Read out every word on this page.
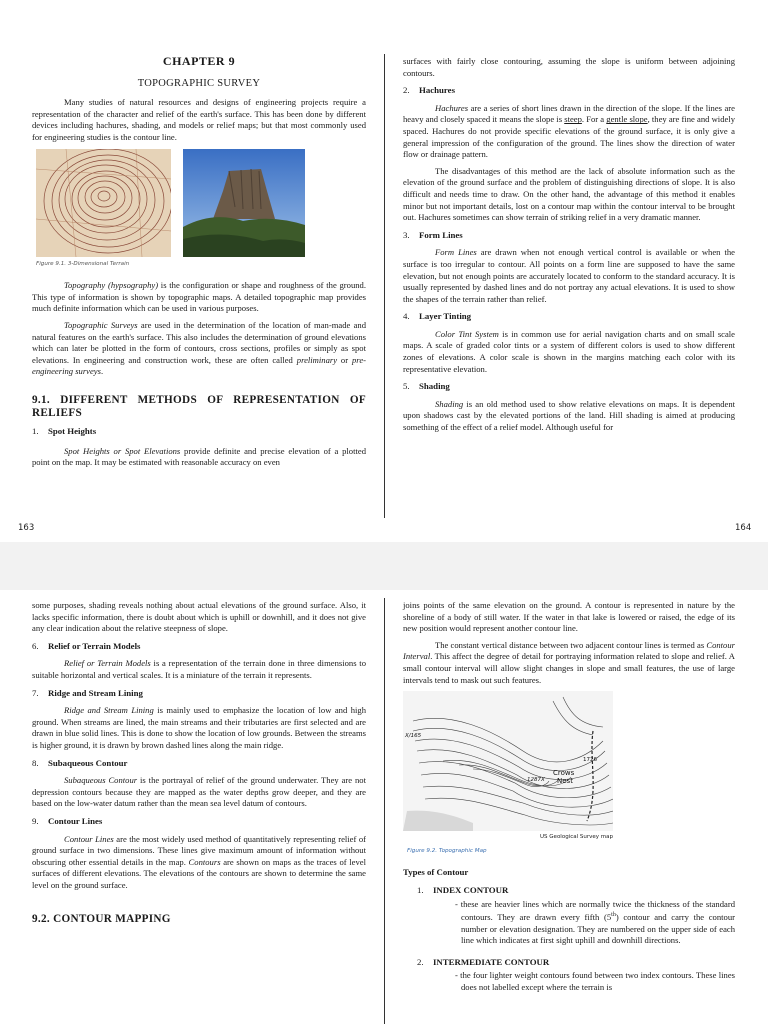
CHAPTER 9
TOPOGRAPHIC SURVEY

Many studies of natural resources and designs of engineering projects require a representation of the character and relief of the earth's surface. This has been done by different devices including hachures, shading, and models or relief maps; but that most commonly used for engineering studies is the contour line.

Figure 9.1. 3-Dimensional Terrain

Topography (hypsography) is the configuration or shape and roughness of the ground. This type of information is shown by topographic maps. A detailed topographic map provides much definite information which can be used in various purposes.

Topographic Surveys are used in the determination of the location of man-made and natural features on the earth's surface. This also includes the determination of ground elevations which can later be plotted in the form of contours, cross sections, profiles or simply as spot elevations. In engineering and construction work, these are often called preliminary or pre-engineering surveys.

9.1. DIFFERENT METHODS OF REPRESENTATION OF RELIEFS
1. Spot Heights

Spot Heights or Spot Elevations provide definite and precise elevation of a plotted point on the map. It may be estimated with reasonable accuracy on even

surfaces with fairly close contouring, assuming the slope is uniform between adjoining contours.

2. Hachures

Hachures are a series of short lines drawn in the direction of the slope. If the lines are heavy and closely spaced it means the slope is steep. For a gentle slope, they are fine and widely spaced. Hachures do not provide specific elevations of the ground surface, it is only give a general impression of the configuration of the ground. The lines show the direction of water flow or drainage pattern.

The disadvantages of this method are the lack of absolute information such as the elevation of the ground surface and the problem of distinguishing directions of slope. It is also difficult and needs time to draw. On the other hand, the advantage of this method it enables minor but not important details, lost on a contour map within the contour interval to be brought out. Hachures sometimes can show terrain of striking relief in a very dramatic manner.

3. Form Lines

Form Lines are drawn when not enough vertical control is available or when the surface is too irregular to contour. All points on a form line are supposed to have the same elevation, but not enough points are accurately located to conform to the standard accuracy. It is usually represented by dashed lines and do not portray any actual elevations. It is used to show the shapes of the terrain rather than relief.

4. Layer Tinting

Color Tint System is in common use for aerial navigation charts and on small scale maps. A scale of graded color tints or a system of different colors is used to show different zones of elevations. A color scale is shown in the margins matching each color with its representative elevation.

5. Shading

Shading is an old method used to show relative elevations on maps. It is dependent upon shadows cast by the elevated portions of the land. Hill shading is aimed at producing something of the effect of a relief model. Although useful for

163	164

some purposes, shading reveals nothing about actual elevations of the ground surface. Also, it lacks specific information, there is doubt about which is uphill or downhill, and it does not give any clear indication about the relative steepness of slope.

6. Relief or Terrain Models

Relief or Terrain Models is a representation of the terrain done in three dimensions to suitable horizontal and vertical scales. It is a miniature of the terrain it represents.

7. Ridge and Stream Lining

Ridge and Stream Lining is mainly used to emphasize the location of low and high ground. When streams are lined, the main streams and their tributaries are first selected and are drawn in blue solid lines. This is done to show the location of low grounds. Between the streams is higher ground, it is drawn by brown dashed lines along the main ridge.

8. Subaqueous Contour

Subaqueous Contour is the portrayal of relief of the ground underwater. They are not depression contours because they are mapped as the water depths grow deeper, and they are based on the low-water datum rather than the mean sea level datum of contours.

9. Contour Lines

Contour Lines are the most widely used method of quantitatively representing relief of ground surface in two dimensions. These lines give maximum amount of information without obscuring other essential details in the map. Contours are shown on maps as the traces of level surfaces of different elevations. The elevations of the contours are shown to determine the same level on the ground surface.

9.2. CONTOUR MAPPING

joins points of the same elevation on the ground. A contour is represented in nature by the shoreline of a body of still water. If the water in that lake is lowered or raised, the edge of its new position would represent another contour line.

The constant vertical distance between two adjacent contour lines is termed as Contour Interval. This affect the degree of detail for portraying information related to slope and relief. A small contour interval will allow slight changes in slope and small features, the use of large intervals tend to mask out such features.

Crows
Nest
1287X
1726
X/165
US Geological Survey map
Figure 9.2. Topographic Map
Types of Contour
1. INDEX CONTOUR

- these are heavier lines which are normally twice the thickness of the standard contours. They are drawn every fifth (5th) contour and carry the contour number or elevation designation. They are numbered on the upper side of each line which indicates at first sight uphill and downhill directions.

2. INTERMEDIATE CONTOUR

- the four lighter weight contours found between two index contours. These lines does not labelled except where the terrain is
